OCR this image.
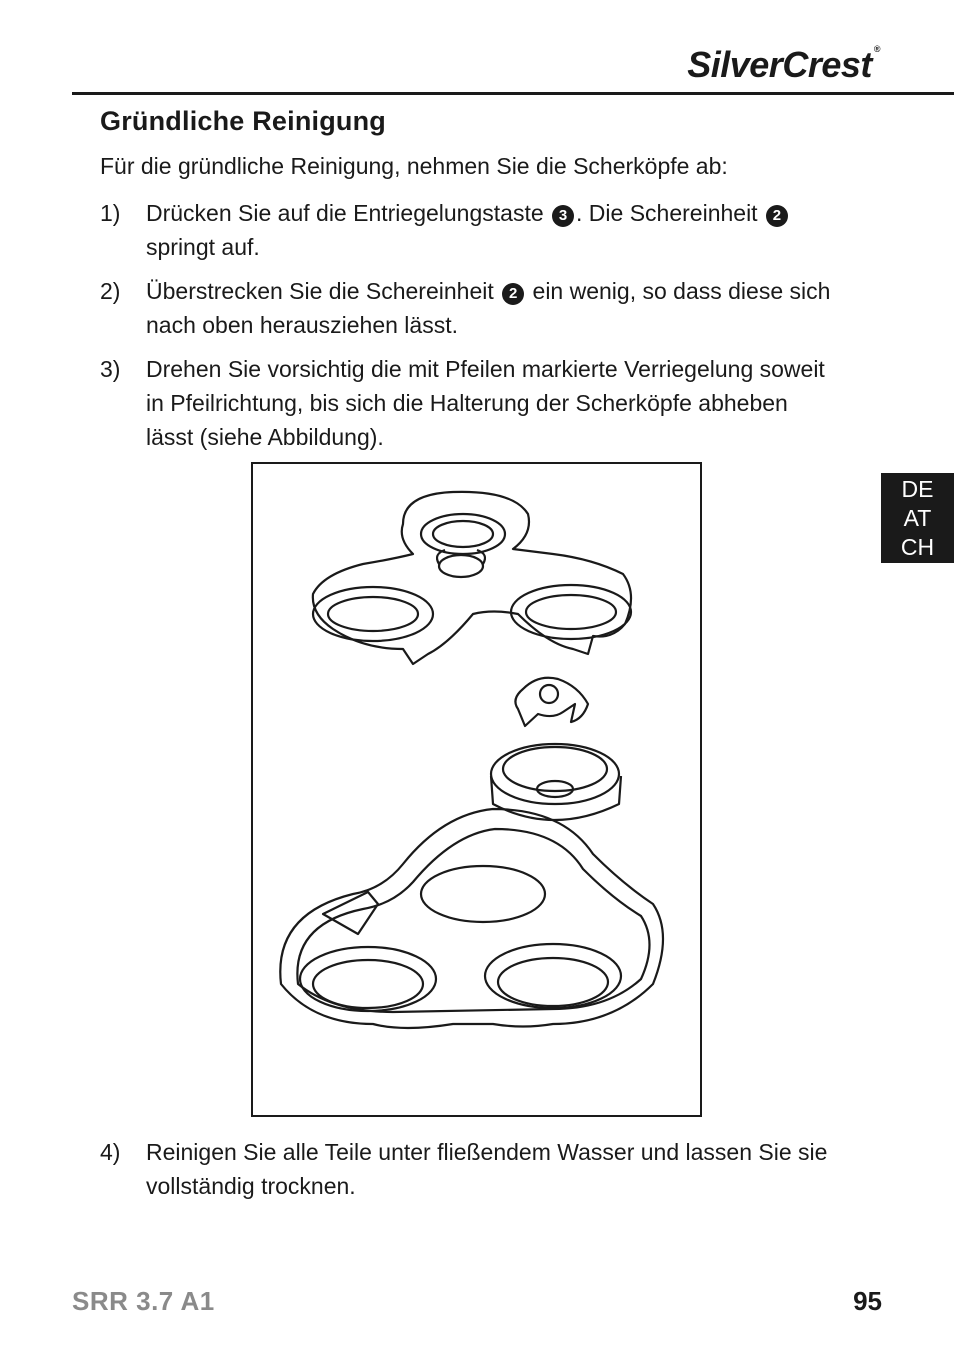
SilverCrest ®
Gründliche Reinigung

Für die gründliche Reinigung, nehmen Sie die Scherköpfe ab:

1) Drücken Sie auf die Entriegelungstaste 3 . Die Schereinheit 2 springt auf.
2) Überstrecken Sie die Schereinheit 2 ein wenig, so dass diese sich nach oben herausziehen lässt.
3) Drehen Sie vorsichtig die mit Pfeilen markierte Verriegelung soweit in Pfeilrichtung, bis sich die Halterung der Scherköpfe abheben lässt (siehe Abbildung).
4) Reinigen Sie alle Teile unter fließendem Wasser und lassen Sie sie vollständig trocknen.
DE
AT
CH
SRR 3.7 A1	95
